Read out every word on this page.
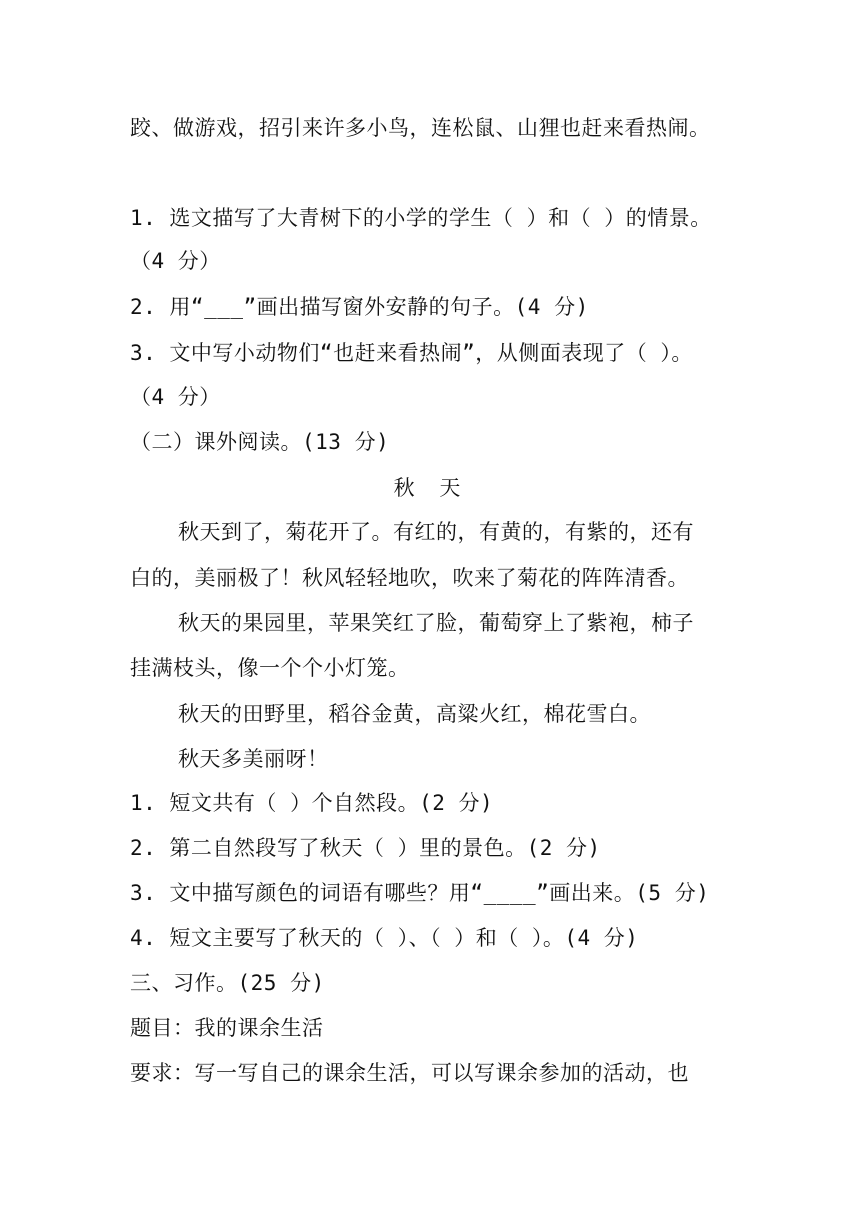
跤、做游戏，招引来许多小鸟，连松鼠、山狸也赶来看热闹。
1. 选文描写了大青树下的小学的学生（ ）和（ ）的情景。
（4 分）
2. 用“___”画出描写窗外安静的句子。(4 分)
3. 文中写小动物们“也赶来看热闹”，从侧面表现了（ ）。
（4 分）
（二）课外阅读。(13 分)
秋 天
秋天到了，菊花开了。有红的，有黄的，有紫的，还有
白的，美丽极了！秋风轻轻地吹，吹来了菊花的阵阵清香。
秋天的果园里，苹果笑红了脸，葡萄穿上了紫袍，柿子
挂满枝头，像一个个小灯笼。
秋天的田野里，稻谷金黄，高粱火红，棉花雪白。
秋天多美丽呀！
1. 短文共有（ ）个自然段。(2 分)
2. 第二自然段写了秋天（ ）里的景色。(2 分)
3. 文中描写颜色的词语有哪些？用“____”画出来。(5 分)
4. 短文主要写了秋天的（ ）、（ ）和（ ）。(4 分)
三、习作。(25 分)
题目：我的课余生活
要求：写一写自己的课余生活，可以写课余参加的活动，也
